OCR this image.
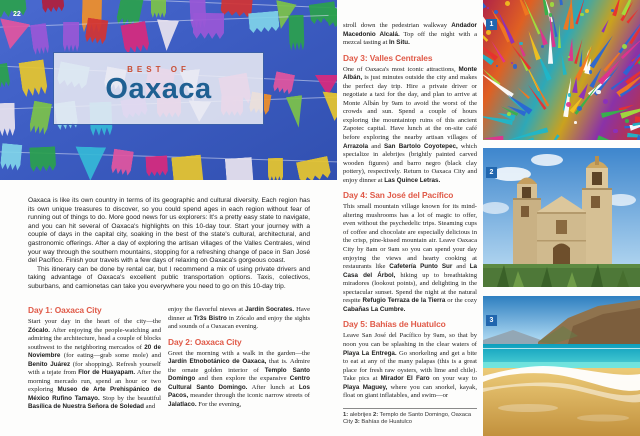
22
BEST OF
Oaxaca

Oaxaca is like its own country in terms of its geographic and cultural diversity. Each region has its own unique treasures to discover, so you could spend ages in each region without fear of running out of things to do. More good news for us explorers: It's a pretty easy state to navigate, and you can hit several of Oaxaca's highlights on this 10-day tour. Start your journey with a couple of days in the capital city, soaking in the best of the state's cultural, architectural, and gastronomic offerings. After a day of exploring the artisan villages of the Valles Centrales, wind your way through the southern mountains, stopping for a refreshing change of pace in San José del Pacífico. Finish your travels with a few days of relaxing on Oaxaca's gorgeous coast.

This itinerary can be done by rental car, but I recommend a mix of using private drivers and taking advantage of Oaxaca's excellent public transportation options. Taxis, colectivos, suburbans, and camionetas can take you everywhere you need to go on this 10-day trip.

Day 1: Oaxaca City

Start your day in the heart of the city—the Zócalo. After enjoying the people-watching and admiring the architecture, head a couple of blocks southwest to the neighboring mercados of 20 de Noviembre (for eating—grab some mole) and Benito Juárez (for shopping). Refresh yourself with a tejate from Flor de Huayapam. After the morning mercado run, spend an hour or two exploring Museo de Arte Prehispánico de México Rufino Tamayo. Stop by the beautiful Basílica de Nuestra Señora de Soledad and

enjoy the flavorful nieves at Jardín Socrates. Have dinner at Tr3s Bistro in Zócalo and enjoy the sights and sounds of a Oaxacan evening.

Day 2: Oaxaca City

Greet the morning with a walk in the garden—the Jardín Etnobotánico de Oaxaca, that is. Admire the ornate golden interior of Templo Santo Domingo and then explore the expansive Centro Cultural Santo Domingo. After lunch at Los Pacos, meander through the iconic narrow streets of Jalatlaco. For the evening,

stroll down the pedestrian walkway Andador Macedonio Alcalá. Top off the night with a mezcal tasting at In Situ.

Day 3: Valles Centrales

One of Oaxaca's most iconic attractions, Monte Albán, is just minutes outside the city and makes the perfect day trip. Hire a private driver or negotiate a taxi for the day, and plan to arrive at Monte Albán by 9am to avoid the worst of the crowds and sun. Spend a couple of hours exploring the mountaintop ruins of this ancient Zapotec capital. Have lunch at the on-site café before exploring the nearby artisan villages of Arrazola and San Bartolo Coyotepec, which specialize in alebrijes (brightly painted carved wooden figures) and barro negro (black clay pottery), respectively. Return to Oaxaca City and enjoy dinner at Las Quince Letras.

Day 4: San José del Pacífico

This small mountain village known for its mind-altering mushrooms has a lot of magic to offer, even without the psychedelic trips. Steaming cups of coffee and chocolate are especially delicious in the crisp, pine-kissed mountain air. Leave Oaxaca City by 8am or 9am so you can spend your day enjoying the views and hearty cooking at restaurants like Cafetería Punto Sur and La Casa del Árbol, hiking up to breathtaking miradores (lookout points), and delighting in the spectacular sunset. Spend the night at the natural respite Refugio Terraza de la Tierra or the cozy Cabañas La Cumbre.

Day 5: Bahías de Huatulco

Leave San José del Pacífico by 9am, so that by noon you can be splashing in the clear waters of Playa La Entrega. Go snorkeling and get a bite to eat at any of the many palapas (this is a great place for fresh raw oysters, with lime and chile). Take pics at Mirador El Faro on your way to Playa Maguey, where you can snorkel, kayak, float on giant inflatables, and swim—or

1: alebrijes 2: Templo de Santo Domingo, Oaxaca City 3: Bahías de Huatulco

1
2
3
